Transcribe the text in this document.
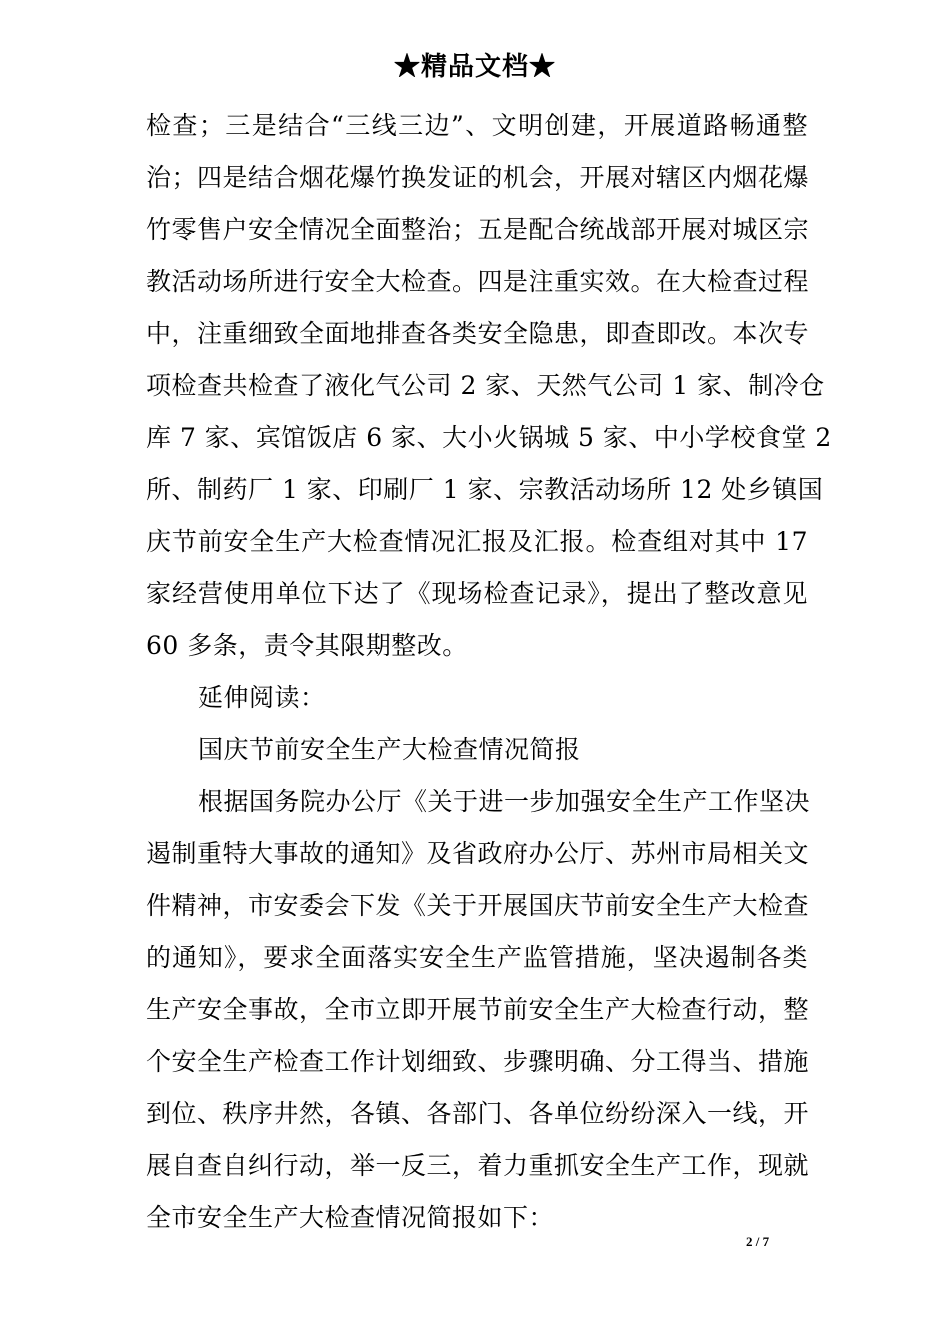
★精品文档★
检查；三是结合“三线三边”、文明创建，开展道路畅通整
治；四是结合烟花爆竹换发证的机会，开展对辖区内烟花爆
竹零售户安全情况全面整治；五是配合统战部开展对城区宗
教活动场所进行安全大检查。四是注重实效。在大检查过程
中，注重细致全面地排查各类安全隐患，即查即改。本次专
项检查共检查了液化气公司 2 家、天然气公司 1 家、制冷仓
库 7 家、宾馆饭店 6 家、大小火锅城 5 家、中小学校食堂 2
所、制药厂 1 家、印刷厂 1 家、宗教活动场所 12 处乡镇国
庆节前安全生产大检查情况汇报及汇报。检查组对其中 17
家经营使用单位下达了《现场检查记录》，提出了整改意见
60 多条，责令其限期整改。
延伸阅读：
国庆节前安全生产大检查情况简报
根据国务院办公厅《关于进一步加强安全生产工作坚决
遏制重特大事故的通知》及省政府办公厅、苏州市局相关文
件精神，市安委会下发《关于开展国庆节前安全生产大检查
的通知》，要求全面落实安全生产监管措施，坚决遏制各类
生产安全事故，全市立即开展节前安全生产大检查行动，整
个安全生产检查工作计划细致、步骤明确、分工得当、措施
到位、秩序井然，各镇、各部门、各单位纷纷深入一线，开
展自查自纠行动，举一反三，着力重抓安全生产工作，现就
全市安全生产大检查情况简报如下：
2 / 7
